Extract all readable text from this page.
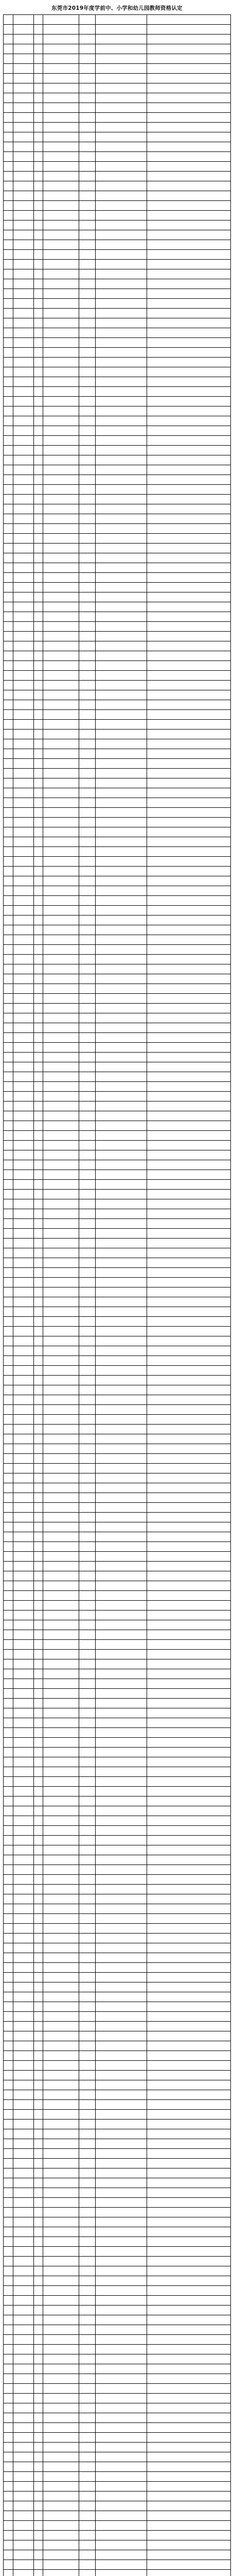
东莞市2019年度学前中、小学和幼儿园教师资格认定
